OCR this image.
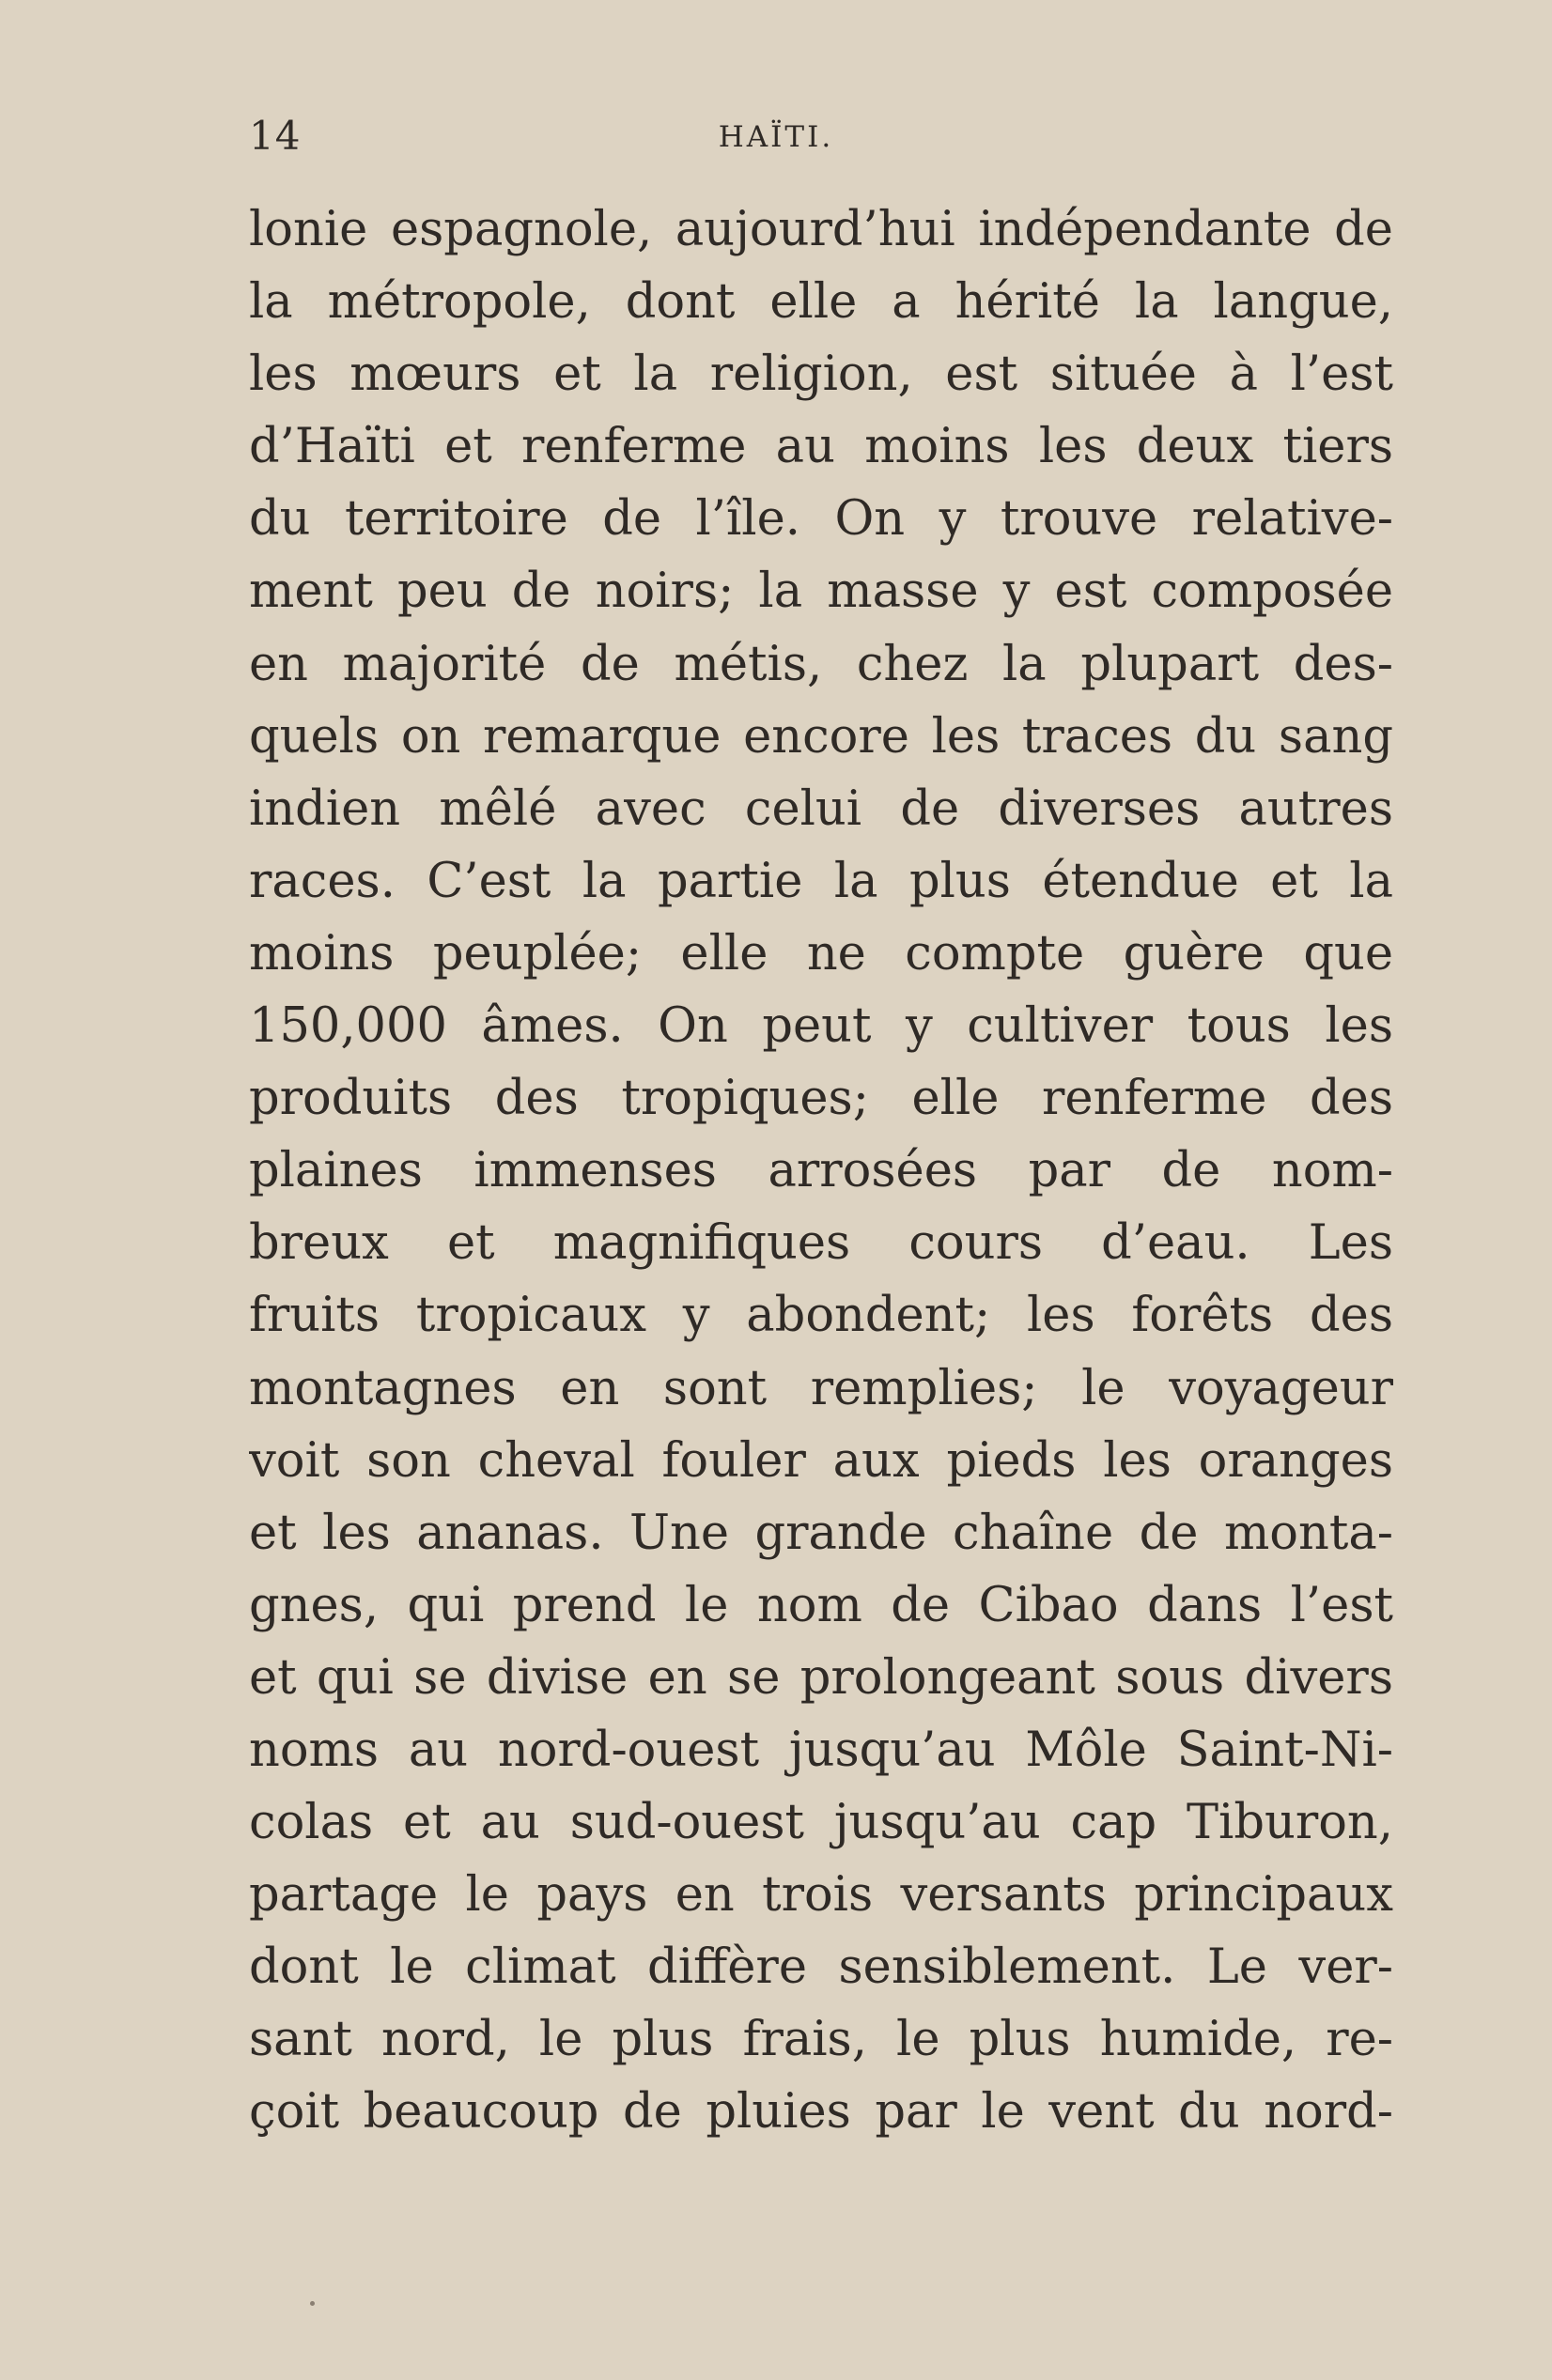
14	HAÏTI.
lonie espagnole, aujourd’hui indépendante de
la métropole, dont elle a hérité la langue,
les mœurs et la religion, est située à l’est
d’Haïti et renferme au moins les deux tiers
du territoire de l’île. On y trouve relative-
ment peu de noirs; la masse y est composée
en majorité de métis, chez la plupart des-
quels on remarque encore les traces du sang
indien mêlé avec celui de diverses autres
races. C’est la partie la plus étendue et la
moins peuplée; elle ne compte guère que
150,000 âmes. On peut y cultiver tous les
produits des tropiques; elle renferme des
plaines immenses arrosées par de nom-
breux et magnifiques cours d’eau. Les
fruits tropicaux y abondent; les forêts des
montagnes en sont remplies; le voyageur
voit son cheval fouler aux pieds les oranges
et les ananas. Une grande chaîne de monta-
gnes, qui prend le nom de Cibao dans l’est
et qui se divise en se prolongeant sous divers
noms au nord-ouest jusqu’au Môle Saint-Ni-
colas et au sud-ouest jusqu’au cap Tiburon,
partage le pays en trois versants principaux
dont le climat diffère sensiblement. Le ver-
sant nord, le plus frais, le plus humide, re-
çoit beaucoup de pluies par le vent du nord-
